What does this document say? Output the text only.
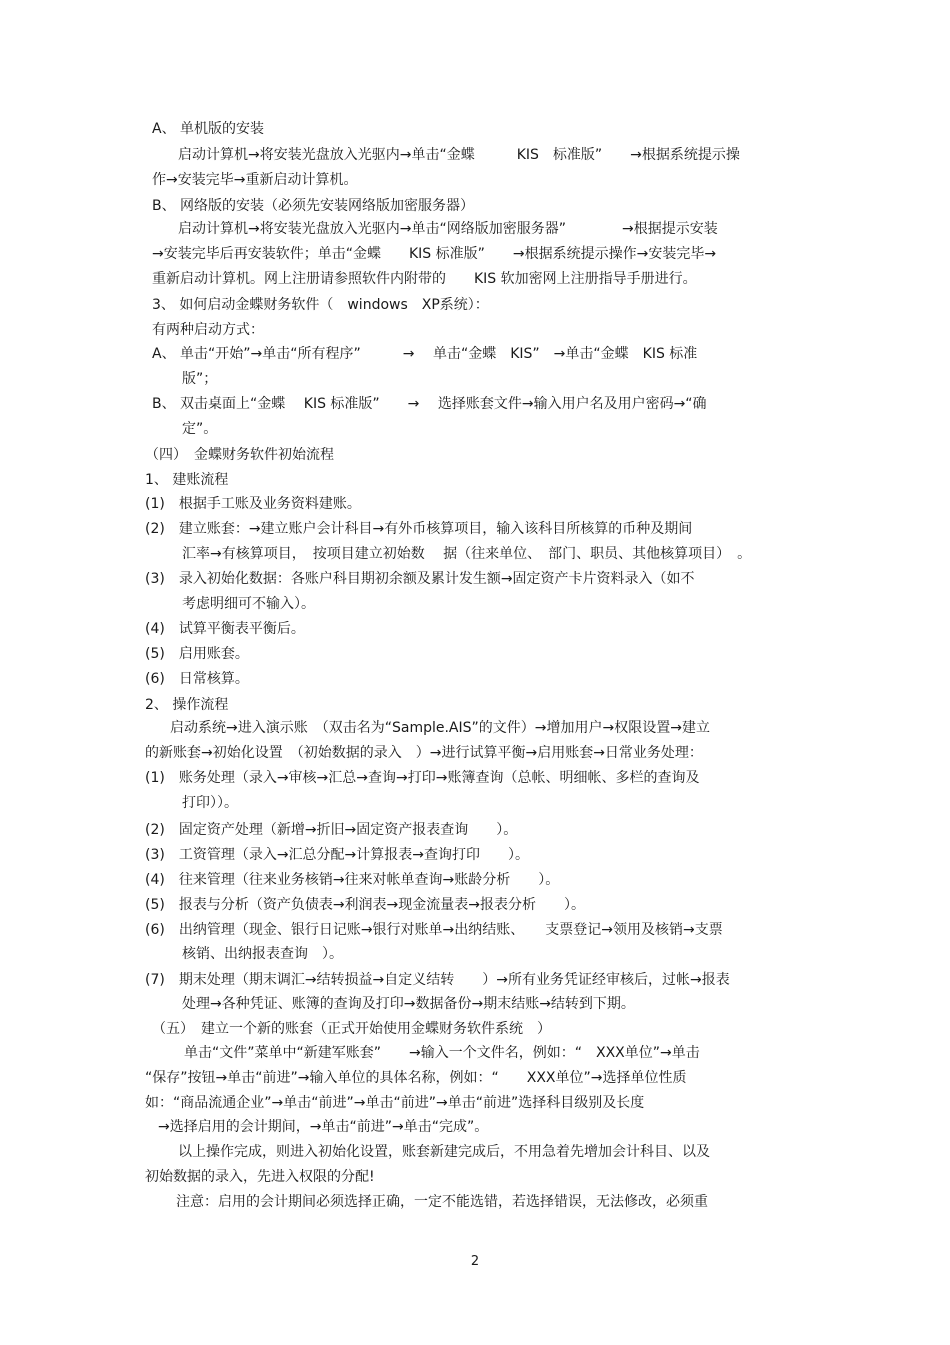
A、 单机版的安装
启动计算机→将安装光盘放入光驱内→单击“金蝶　　　KIS　标准版”　　→根据系统提示操
作→安装完毕→重新启动计算机。
B、 网络版的安装（必须先安装网络版加密服务器）
启动计算机→将安装光盘放入光驱内→单击“网络版加密服务器”　　　　→根据提示安装
→安装完毕后再安装软件；单击“金蝶　　KIS 标准版”　　→根据系统提示操作→安装完毕→
重新启动计算机。网上注册请参照软件内附带的　　KIS 软加密网上注册指导手册进行。
3、 如何启动金蝶财务软件（　windows　XP系统）：
有两种启动方式：
A、 单击“开始”→单击“所有程序”　　　→　 单击“金蝶　KIS”　→单击“金蝶　KIS 标准
版”；
B、 双击桌面上“金蝶　 KIS 标准版”　　→　 选择账套文件→输入用户名及用户密码→“确
定”。
（四）　金蝶财务软件初始流程
1、 建账流程
(1)　根据手工账及业务资料建账。
(2)　建立账套：→建立账户会计科目→有外币核算项目，输入该科目所核算的币种及期间
汇率→有核算项目，　按项目建立初始数　 据（往来单位、　部门、职员、其他核算项目）　。
(3)　录入初始化数据：各账户科目期初余额及累计发生额→固定资产卡片资料录入（如不
考虑明细可不输入）。
(4)　试算平衡表平衡后。
(5)　启用账套。
(6)　日常核算。
2、 操作流程
启动系统→进入演示账　（双击名为“Sample.AIS”的文件）→增加用户→权限设置→建立
的新账套→初始化设置　（初始数据的录入　）→进行试算平衡→启用账套→日常业务处理：
(1)　账务处理（录入→审核→汇总→查询→打印→账簿查询（总帐、明细帐、多栏的查询及
打印））。
(2)　固定资产处理（新增→折旧→固定资产报表查询　　）。
(3)　工资管理（录入→汇总分配→计算报表→查询打印　　）。
(4)　往来管理（往来业务核销→往来对帐单查询→账龄分析　　）。
(5)　报表与分析（资产负债表→利润表→现金流量表→报表分析　　）。
(6)　出纳管理（现金、银行日记账→银行对账单→出纳结账、　　支票登记→领用及核销→支票
核销、出纳报表查询　）。
(7)　期末处理（期末调汇→结转损益→自定义结转　　）→所有业务凭证经审核后，过帐→报表
处理→各种凭证、账簿的查询及打印→数据备份→期末结账→结转到下期。
（五）　建立一个新的账套（正式开始使用金蝶财务软件系统　）
单击“文件”菜单中“新建军账套”　　→输入一个文件名，例如：“　XXX单位”→单击
“保存”按钮→单击“前进”→输入单位的具体名称，例如：“　　XXX单位”→选择单位性质
如：“商品流通企业”→单击“前进”→单击“前进”→单击“前进”选择科目级别及长度
→选择启用的会计期间，→单击“前进”→单击“完成”。
以上操作完成，则进入初始化设置，账套新建完成后，不用急着先增加会计科目、以及
初始数据的录入，先进入权限的分配!
注意：启用的会计期间必须选择正确，一定不能选错，若选择错误，无法修改，必须重
2
